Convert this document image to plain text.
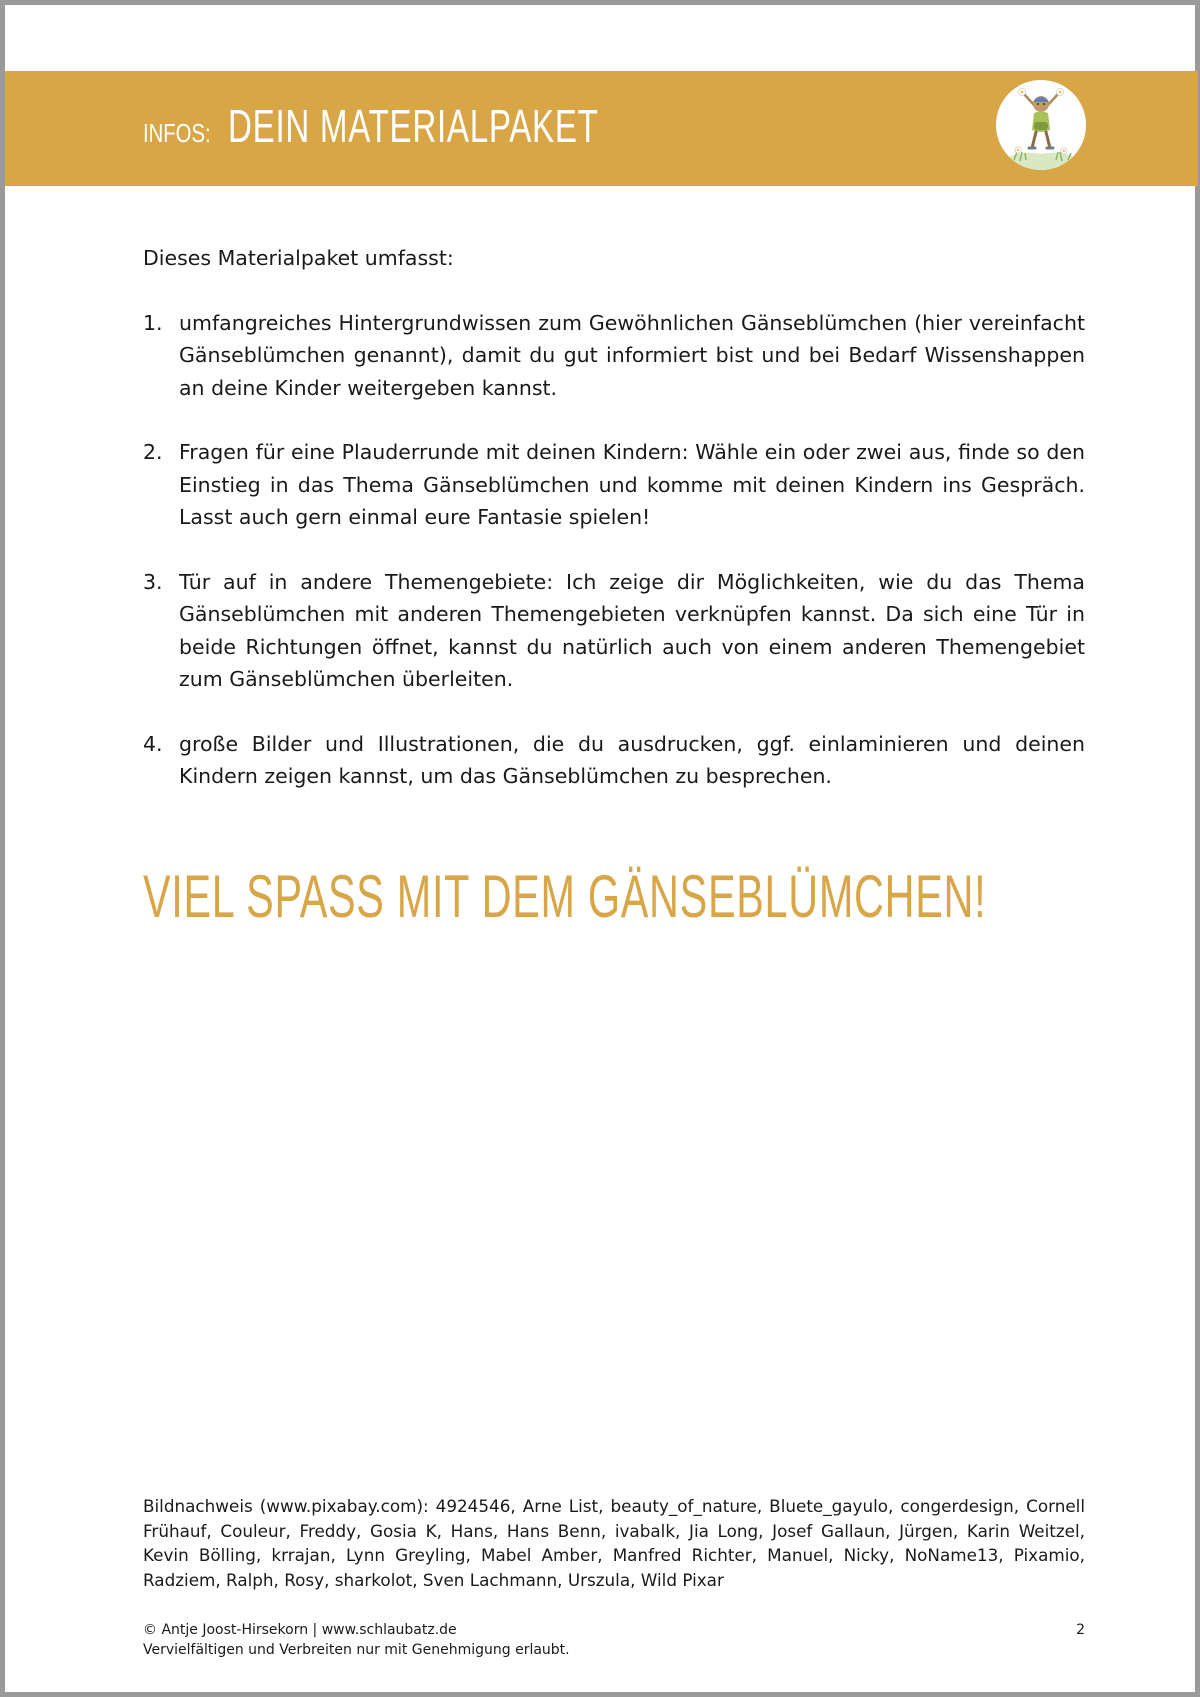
INFOS: DEIN MATERIALPAKET

Dieses Materialpaket umfasst:

1. umfangreiches Hintergrundwissen zum Gewöhnlichen Gänseblümchen (hier vereinfacht Gänseblümchen genannt), damit du gut informiert bist und bei Bedarf Wissenshappen an deine Kinder weitergeben kannst.
2. Fragen für eine Plauderrunde mit deinen Kindern: Wähle ein oder zwei aus, finde so den Einstieg in das Thema Gänseblümchen und komme mit deinen Kindern ins Gespräch. Lasst auch gern einmal eure Fantasie spielen!
3. Tür auf in andere Themengebiete: Ich zeige dir Möglichkeiten, wie du das Thema Gänseblümchen mit anderen Themengebieten verknüpfen kannst. Da sich eine Tür in beide Richtungen öffnet, kannst du natürlich auch von einem anderen Themengebiet zum Gänseblümchen überleiten.
4. große Bilder und Illustrationen, die du ausdrucken, ggf. einlaminieren und deinen Kindern zeigen kannst, um das Gänseblümchen zu besprechen.
VIEL SPASS MIT DEM GÄNSEBLÜMCHEN!
Bildnachweis (www.pixabay.com): 4924546, Arne List, beauty_of_nature, Bluete_gayulo, congerdesign, Cornell Frühauf, Couleur, Freddy, Gosia K, Hans, Hans Benn, ivabalk, Jia Long, Josef Gallaun, Jürgen, Karin Weitzel, Kevin Bölling, krrajan, Lynn Greyling, Mabel Amber, Manfred Richter, Manuel, Nicky, NoName13, Pixamio, Radziem, Ralph, Rosy, sharkolot, Sven Lachmann, Urszula, Wild Pixar
© Antje Joost-Hirsekorn | www.schlaubatz.de
Vervielfältigen und Verbreiten nur mit Genehmigung erlaubt.
2
